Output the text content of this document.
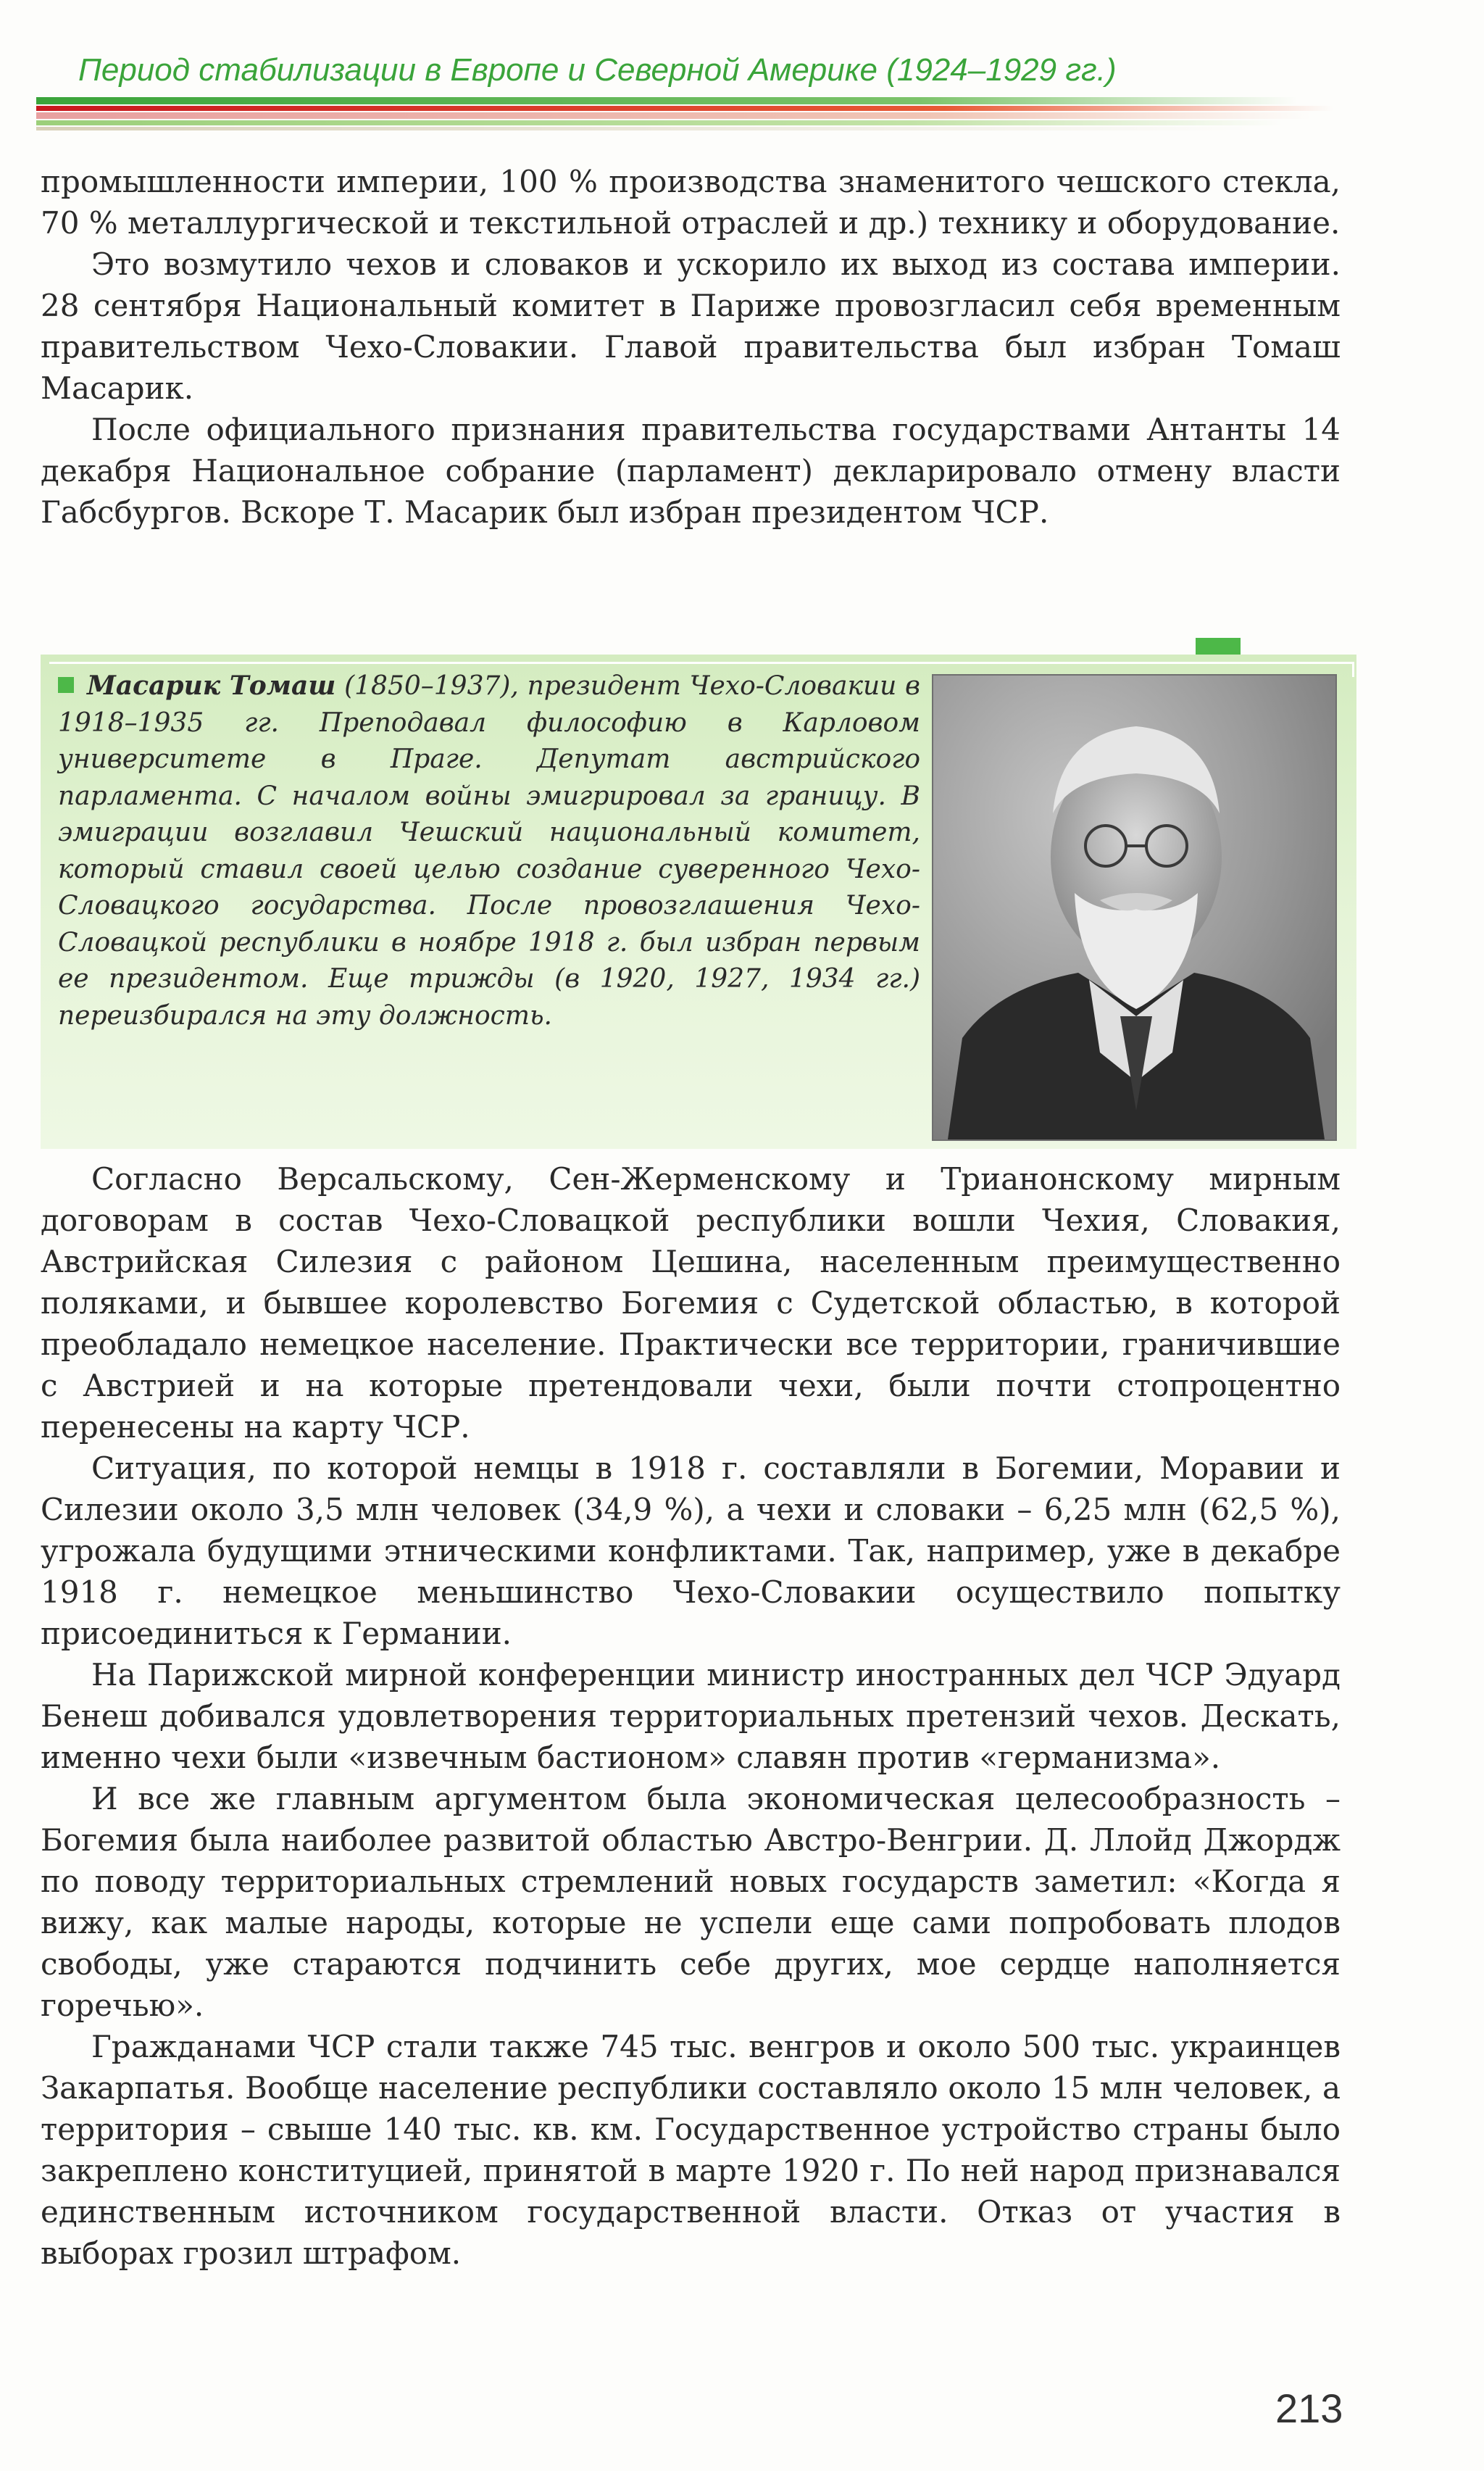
Период стабилизации в Европе и Северной Америке (1924–1929 гг.)

промышленности империи, 100 % производства знаменитого чешского стекла, 70 % металлургической и текстильной отраслей и др.) технику и оборудование.

Это возмутило чехов и словаков и ускорило их выход из состава империи. 28 сентября Национальный комитет в Париже провозгласил себя временным правительством Чехо-Словакии. Главой правительства был избран Томаш Масарик.

После официального признания правительства государствами Антанты 14 декабря Национальное собрание (парламент) декларировало отмену власти Габсбургов. Вскоре Т. Масарик был избран президентом ЧСР.

Масарик Томаш (1850–1937), президент Чехо-Словакии в 1918–1935 гг. Преподавал философию в Карловом университете в Праге. Депутат австрийского парламента. С началом войны эмигрировал за границу. В эмиграции возглавил Чешский национальный комитет, который ставил своей целью создание суверенного Чехо-Словацкого государства. После провозглашения Чехо-Словацкой республики в ноябре 1918 г. был избран первым ее президентом. Еще трижды (в 1920, 1927, 1934 гг.) переизбирался на эту должность.

Согласно Версальскому, Сен-Жерменскому и Трианонскому мирным договорам в состав Чехо-Словацкой республики вошли Чехия, Словакия, Австрийская Силезия с районом Цешина, населенным преимущественно поляками, и бывшее королевство Богемия с Судетской областью, в которой преобладало немецкое население. Практически все территории, граничившие с Австрией и на которые претендовали чехи, были почти стопроцентно перенесены на карту ЧСР.

Ситуация, по которой немцы в 1918 г. составляли в Богемии, Моравии и Силезии около 3,5 млн человек (34,9 %), а чехи и словаки – 6,25 млн (62,5 %), угрожала будущими этническими конфликтами. Так, например, уже в декабре 1918 г. немецкое меньшинство Чехо-Словакии осуществило попытку присоединиться к Германии.

На Парижской мирной конференции министр иностранных дел ЧСР Эдуард Бенеш добивался удовлетворения территориальных претензий чехов. Дескать, именно чехи были «извечным бастионом» славян против «германизма».

И все же главным аргументом была экономическая целесообразность – Богемия была наиболее развитой областью Австро-Венгрии. Д. Ллойд Джордж по поводу территориальных стремлений новых государств заметил: «Когда я вижу, как малые народы, которые не успели еще сами попробовать плодов свободы, уже стараются подчинить себе других, мое сердце наполняется горечью».

Гражданами ЧСР стали также 745 тыс. венгров и около 500 тыс. украинцев Закарпатья. Вообще население республики составляло около 15 млн человек, а территория – свыше 140 тыс. кв. км. Государственное устройство страны было закреплено конституцией, принятой в марте 1920 г. По ней народ признавался единственным источником государственной власти. Отказ от участия в выборах грозил штрафом.

213
